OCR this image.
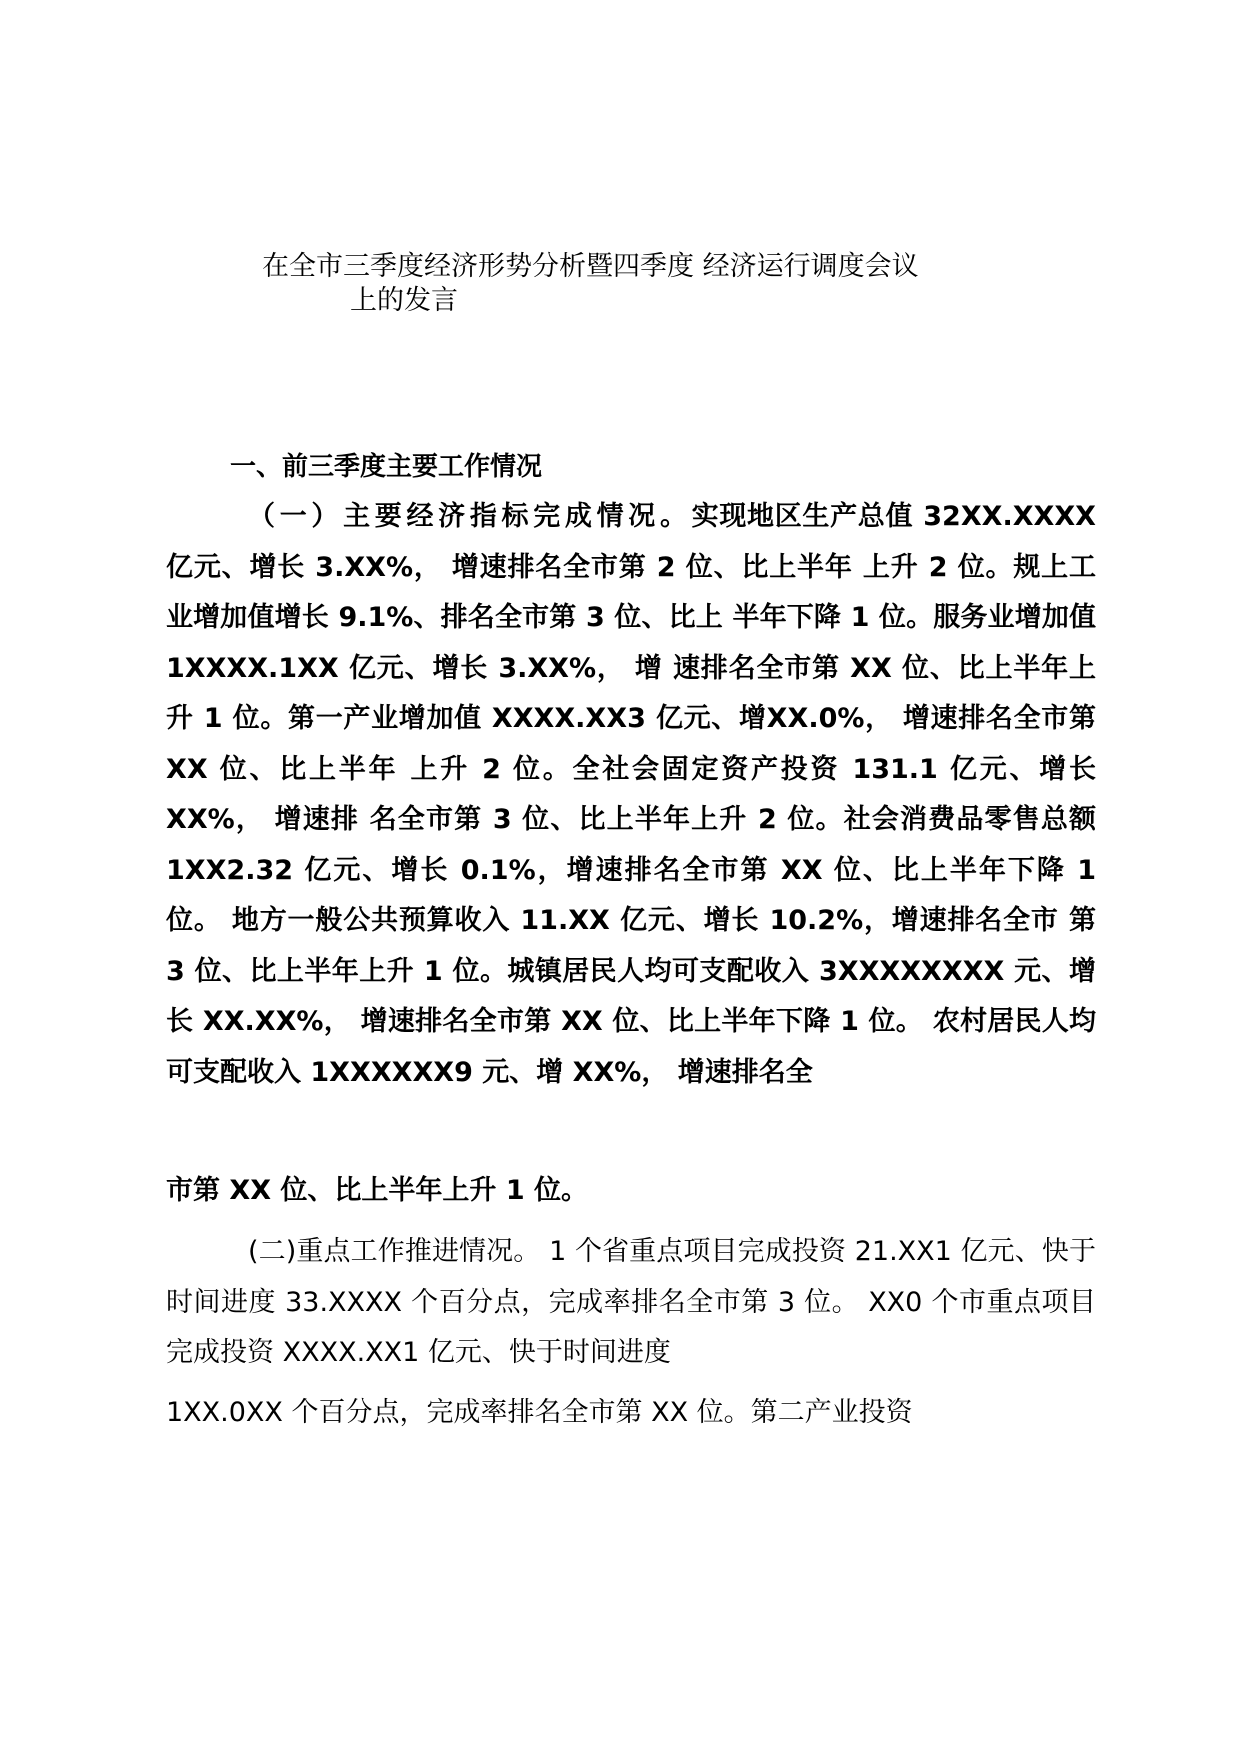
在全市三季度经济形势分析暨四季度 经济运行调度会议
上的发言
一、前三季度主要工作情况
（一）主要经济指标完成情况。实现地区生产总值 32XX.XXXX 亿元、增长 3.XX%， 增速排名全市第 2 位、比上半年 上升 2 位。规上工业增加值增长 9.1%、排名全市第 3 位、比上 半年下降 1 位。服务业增加值 1XXXX.1XX 亿元、增长 3.XX%， 增 速排名全市第 XX 位、比上半年上升 1 位。第一产业增加值 XXXX.XX3 亿元、增XX.0%， 增速排名全市第 XX 位、比上半年 上升 2 位。全社会固定资产投资 131.1 亿元、增长 XX%， 增速排 名全市第 3 位、比上半年上升 2 位。社会消费品零售总额 1XX2.32 亿元、增长 0.1%，增速排名全市第 XX 位、比上半年下降 1 位。 地方一般公共预算收入 11.XX 亿元、增长 10.2%，增速排名全市 第 3 位、比上半年上升 1 位。城镇居民人均可支配收入 3XXXXXXXX 元、增长 XX.XX%， 增速排名全市第 XX 位、比上半年下降 1 位。 农村居民人均可支配收入 1XXXXXX9 元、增 XX%， 增速排名全
市第 XX 位、比上半年上升 1 位。
(二)重点工作推进情况。 1 个省重点项目完成投资 21.XX1 亿元、快于时间进度 33.XXXX 个百分点，完成率排名全市第 3 位。 XX0 个市重点项目完成投资 XXXX.XX1 亿元、快于时间进度
1XX.0XX 个百分点，完成率排名全市第 XX 位。第二产业投资
